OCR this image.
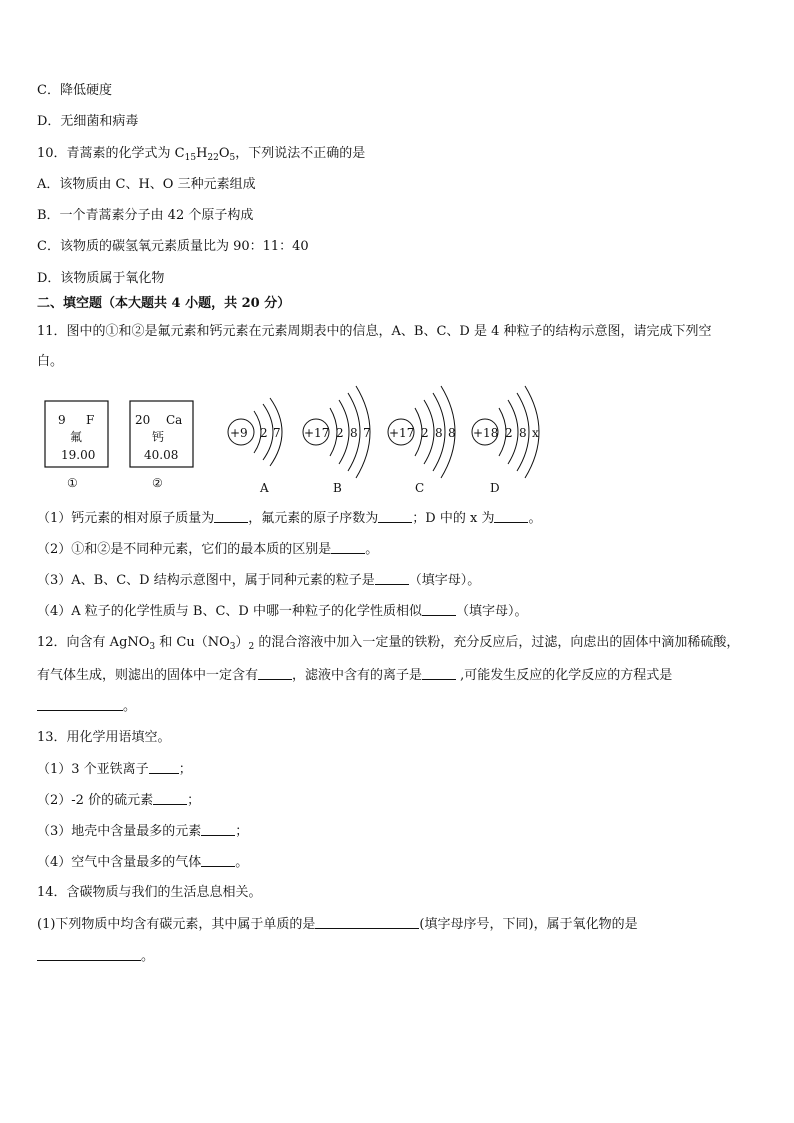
C．降低硬度
D．无细菌和病毒
10．青蒿素的化学式为 $C_{15}H_{22}O_5$，下列说法不正确的是
A．该物质由 C、H、O 三种元素组成
B．一个青蒿素分子由 42 个原子构成
C．该物质的碳氢氧元素质量比为 90：11：40
D．该物质属于氧化物
二、填空题（本大题共 4 小题，共 20 分）
11．图中的①和②是氟元素和钙元素在元素周期表中的信息，A、B、C、D 是 4 种粒子的结构示意图，请完成下列空
白。
9 F
氟
19.00
①
20 Ca
钙
40.08
②
+9 2 7
A
+17 2 8 7
B
+17 2 8 8
C
+18 2 8 x
D
（1）钙元素的相对原子质量为	，氟元素的原子序数为	；D 中的 x 为	。
（2）①和②是不同种元素，它们的最本质的区别是	。
（3）A、B、C、D 结构示意图中，属于同种元素的粒子是	（填字母）。
（4）A 粒子的化学性质与 B、C、D 中哪一种粒子的化学性质相似	（填字母）。
12．向含有 AgNO$_3$ 和 $Cu(NO_3)_2$ 的混合溶液中加入一定量的铁粉，充分反应后，过滤，向虑出的固体中滴加稀硫酸，
有气体生成，则滤出的固体中一定含有	，滤液中含有的离子是	,可能发生反应的化学反应的方程式是
。
13．用化学用语填空。
（1）3 个亚铁离子 ；
（2）-2 价的硫元素	；
（3）地壳中含量最多的元素	；
（4）空气中含量最多的气体	。
14．含碳物质与我们的生活息息相关。
(1)下列物质中均含有碳元素，其中属于单质的是	(填字母序号，下同)，属于氧化物的是
。
